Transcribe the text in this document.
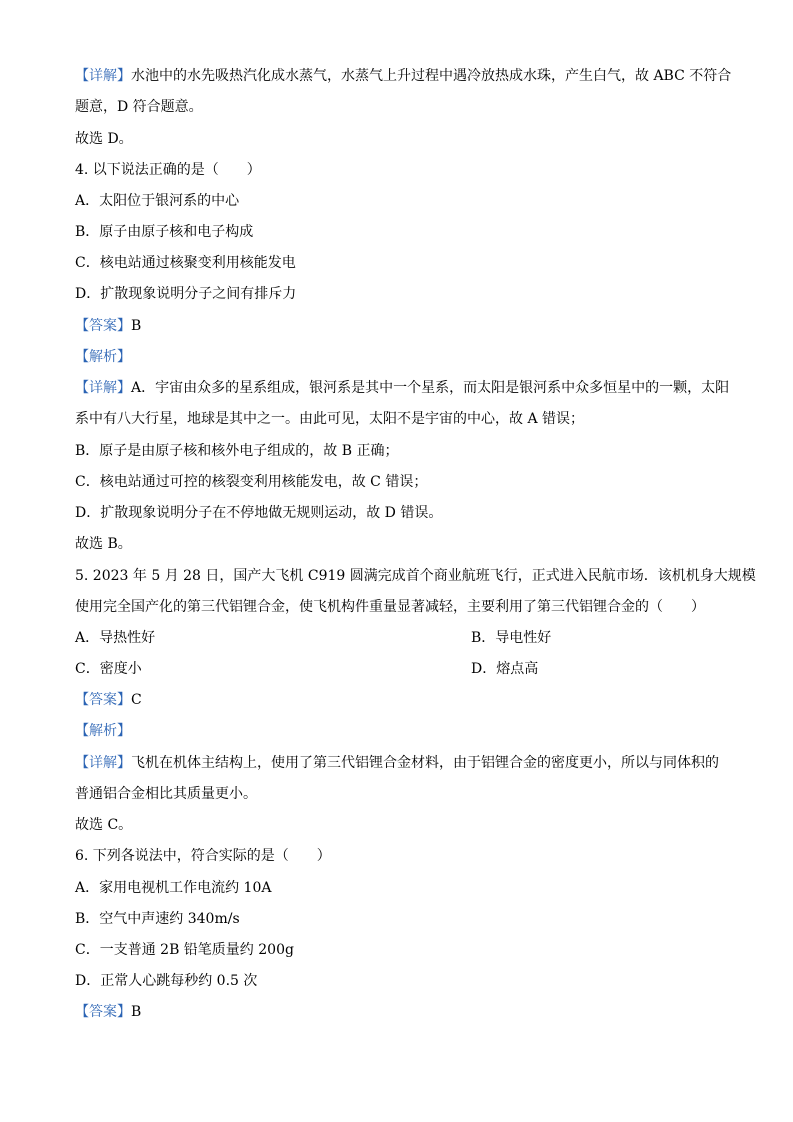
【详解】水池中的水先吸热汽化成水蒸气，水蒸气上升过程中遇冷放热成水珠，产生白气，故 ABC 不符合
题意，D 符合题意。
故选 D。
4. 以下说法正确的是（　　）
A．太阳位于银河系的中心
B．原子由原子核和电子构成
C．核电站通过核聚变利用核能发电
D．扩散现象说明分子之间有排斥力
【答案】B
【解析】
【详解】A．宇宙由众多的星系组成，银河系是其中一个星系，而太阳是银河系中众多恒星中的一颗，太阳
系中有八大行星，地球是其中之一。由此可见，太阳不是宇宙的中心，故 A 错误；
B．原子是由原子核和核外电子组成的，故 B 正确；
C．核电站通过可控的核裂变利用核能发电，故 C 错误；
D．扩散现象说明分子在不停地做无规则运动，故 D 错误。
故选 B。
5. 2023 年 5 月 28 日，国产大飞机 C919 圆满完成首个商业航班飞行，正式进入民航市场．该机机身大规模
使用完全国产化的第三代铝锂合金，使飞机构件重量显著减轻，主要利用了第三代铝锂合金的（　　）
A．导热性好	B．导电性好
C．密度小	D．熔点高
【答案】C
【解析】
【详解】飞机在机体主结构上，使用了第三代铝锂合金材料，由于铝锂合金的密度更小，所以与同体积的
普通铝合金相比其质量更小。
故选 C。
6. 下列各说法中，符合实际的是（　　）
A．家用电视机工作电流约 10A
B．空气中声速约 340m/s
C．一支普通 2B 铅笔质量约 200g
D．正常人心跳每秒约 0.5 次
【答案】B
